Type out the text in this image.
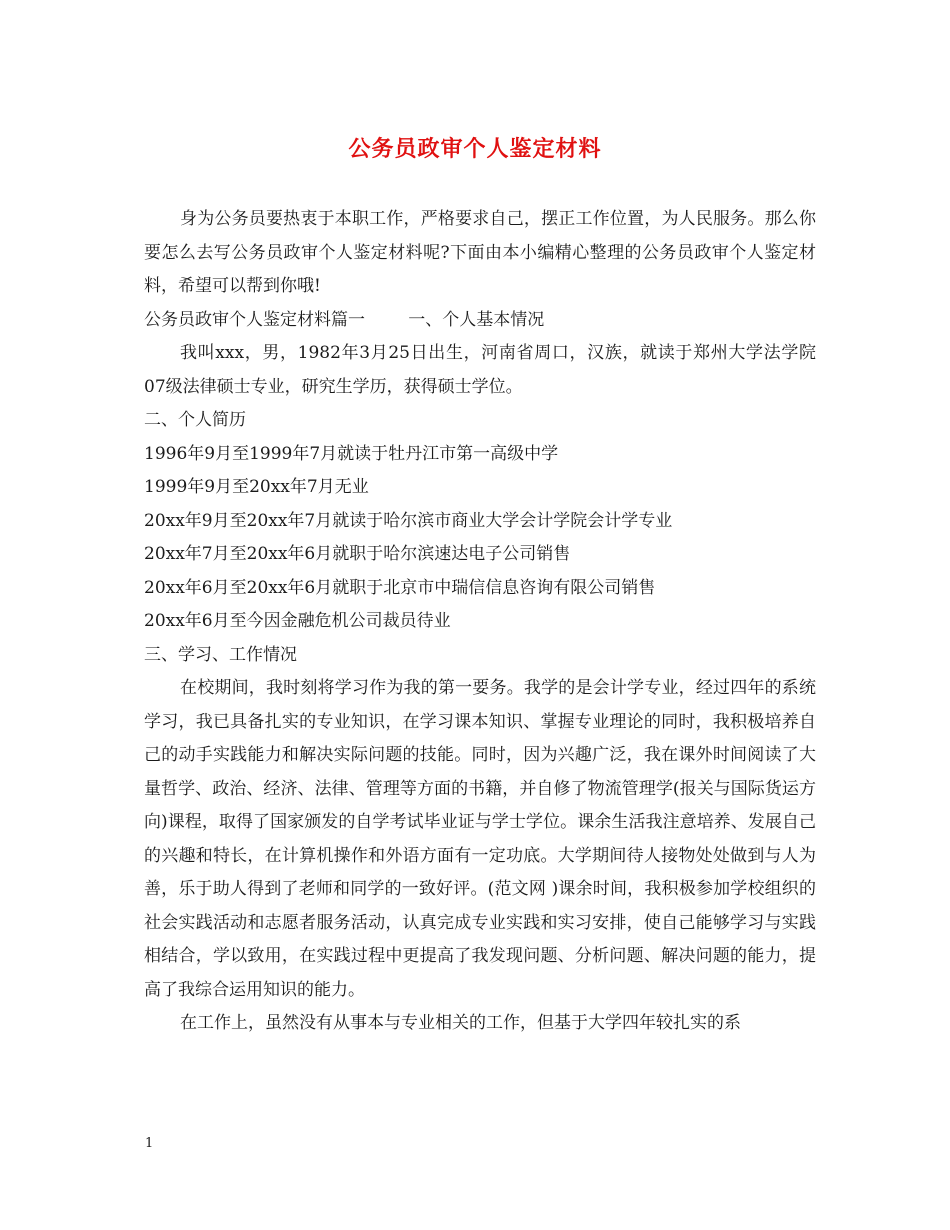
公务员政审个人鉴定材料

身为公务员要热衷于本职工作，严格要求自己，摆正工作位置，为人民服务。那么你要怎么去写公务员政审个人鉴定材料呢?下面由本小编精心整理的公务员政审个人鉴定材料，希望可以帮到你哦!

公务员政审个人鉴定材料篇一        一、个人基本情况

我叫xxx，男，1982年3月25日出生，河南省周口，汉族，就读于郑州大学法学院07级法律硕士专业，研究生学历，获得硕士学位。

二、个人简历

1996年9月至1999年7月就读于牡丹江市第一高级中学

1999年9月至20xx年7月无业

20xx年9月至20xx年7月就读于哈尔滨市商业大学会计学院会计学专业

20xx年7月至20xx年6月就职于哈尔滨速达电子公司销售

20xx年6月至20xx年6月就职于北京市中瑞信信息咨询有限公司销售

20xx年6月至今因金融危机公司裁员待业

三、学习、工作情况

在校期间，我时刻将学习作为我的第一要务。我学的是会计学专业，经过四年的系统学习，我已具备扎实的专业知识，在学习课本知识、掌握专业理论的同时，我积极培养自己的动手实践能力和解决实际问题的技能。同时，因为兴趣广泛，我在课外时间阅读了大量哲学、政治、经济、法律、管理等方面的书籍，并自修了物流管理学(报关与国际货运方向)课程，取得了国家颁发的自学考试毕业证与学士学位。课余生活我注意培养、发展自己的兴趣和特长，在计算机操作和外语方面有一定功底。大学期间待人接物处处做到与人为善，乐于助人得到了老师和同学的一致好评。(范文网 )课余时间，我积极参加学校组织的社会实践活动和志愿者服务活动，认真完成专业实践和实习安排，使自己能够学习与实践相结合，学以致用，在实践过程中更提高了我发现问题、分析问题、解决问题的能力，提高了我综合运用知识的能力。

在工作上，虽然没有从事本与专业相关的工作，但基于大学四年较扎实的系

1
